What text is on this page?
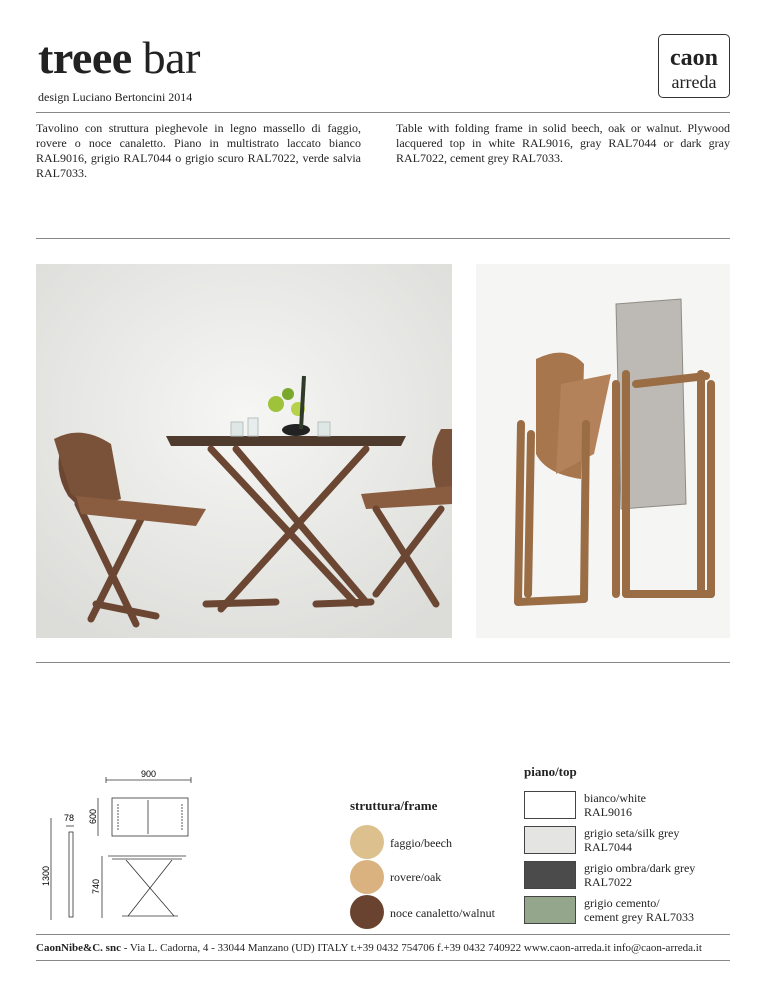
treee bar
design Luciano Bertoncini 2014
caon
arreda
Tavolino con struttura pieghevole in legno massello di faggio, rovere o noce canaletto. Piano in multistrato laccato bianco RAL9016, grigio RAL7044 o grigio scuro RAL7022, verde salvia RAL7033.
Table with folding frame in solid beech, oak or walnut. Plywood lacquered top in white RAL9016, gray RAL7044 or dark gray RAL7022, cement grey RAL7033.
900
600
78
1300
740
struttura/frame
faggio/beech
rovere/oak
noce canaletto/walnut
piano/top
bianco/white
RAL9016
grigio seta/silk grey
RAL7044
grigio ombra/dark grey
RAL7022
grigio cemento/
cement grey RAL7033
CaonNibe&C. snc - Via L. Cadorna, 4 - 33044 Manzano (UD) ITALY t.+39 0432 754706 f.+39 0432 740922 www.caon-arreda.it info@caon-arreda.it
